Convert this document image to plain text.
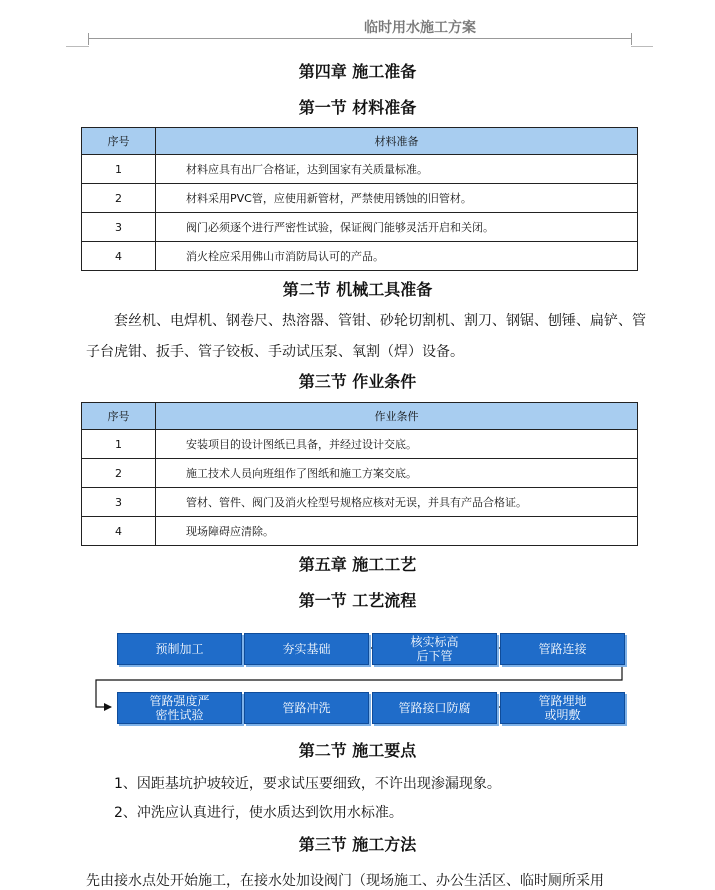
临时用水施工方案
第四章 施工准备
第一节 材料准备
序号	材料准备
1	材料应具有出厂合格证，达到国家有关质量标准。
2	材料采用PVC管，应使用新管材，严禁使用锈蚀的旧管材。
3	阀门必须逐个进行严密性试验，保证阀门能够灵活开启和关闭。
4	消火栓应采用佛山市消防局认可的产品。
第二节 机械工具准备
套丝机、电焊机、钢卷尺、热溶器、管钳、砂轮切割机、割刀、钢锯、刨锤、扁铲、管子台虎钳、扳手、管子铰板、手动试压泵、氧割（焊）设备。
第三节 作业条件
序号	作业条件
1	安装项目的设计图纸已具备，并经过设计交底。
2	施工技术人员向班组作了图纸和施工方案交底。
3	管材、管件、阀门及消火栓型号规格应核对无误，并具有产品合格证。
4	现场障碍应清除。
第五章 施工工艺
第一节 工艺流程
预制加工	夯实基础	核实标高
后下管	管路连接
管路强度严
密性试验	管路冲洗	管路接口防腐	管路埋地
或明敷
第二节 施工要点
1、因距基坑护坡较近，要求试压要细致，不许出现渗漏现象。
2、冲洗应认真进行，使水质达到饮用水标准。
第三节 施工方法
先由接水点处开始施工，在接水处加设阀门（现场施工、办公生活区、临时厕所采用
